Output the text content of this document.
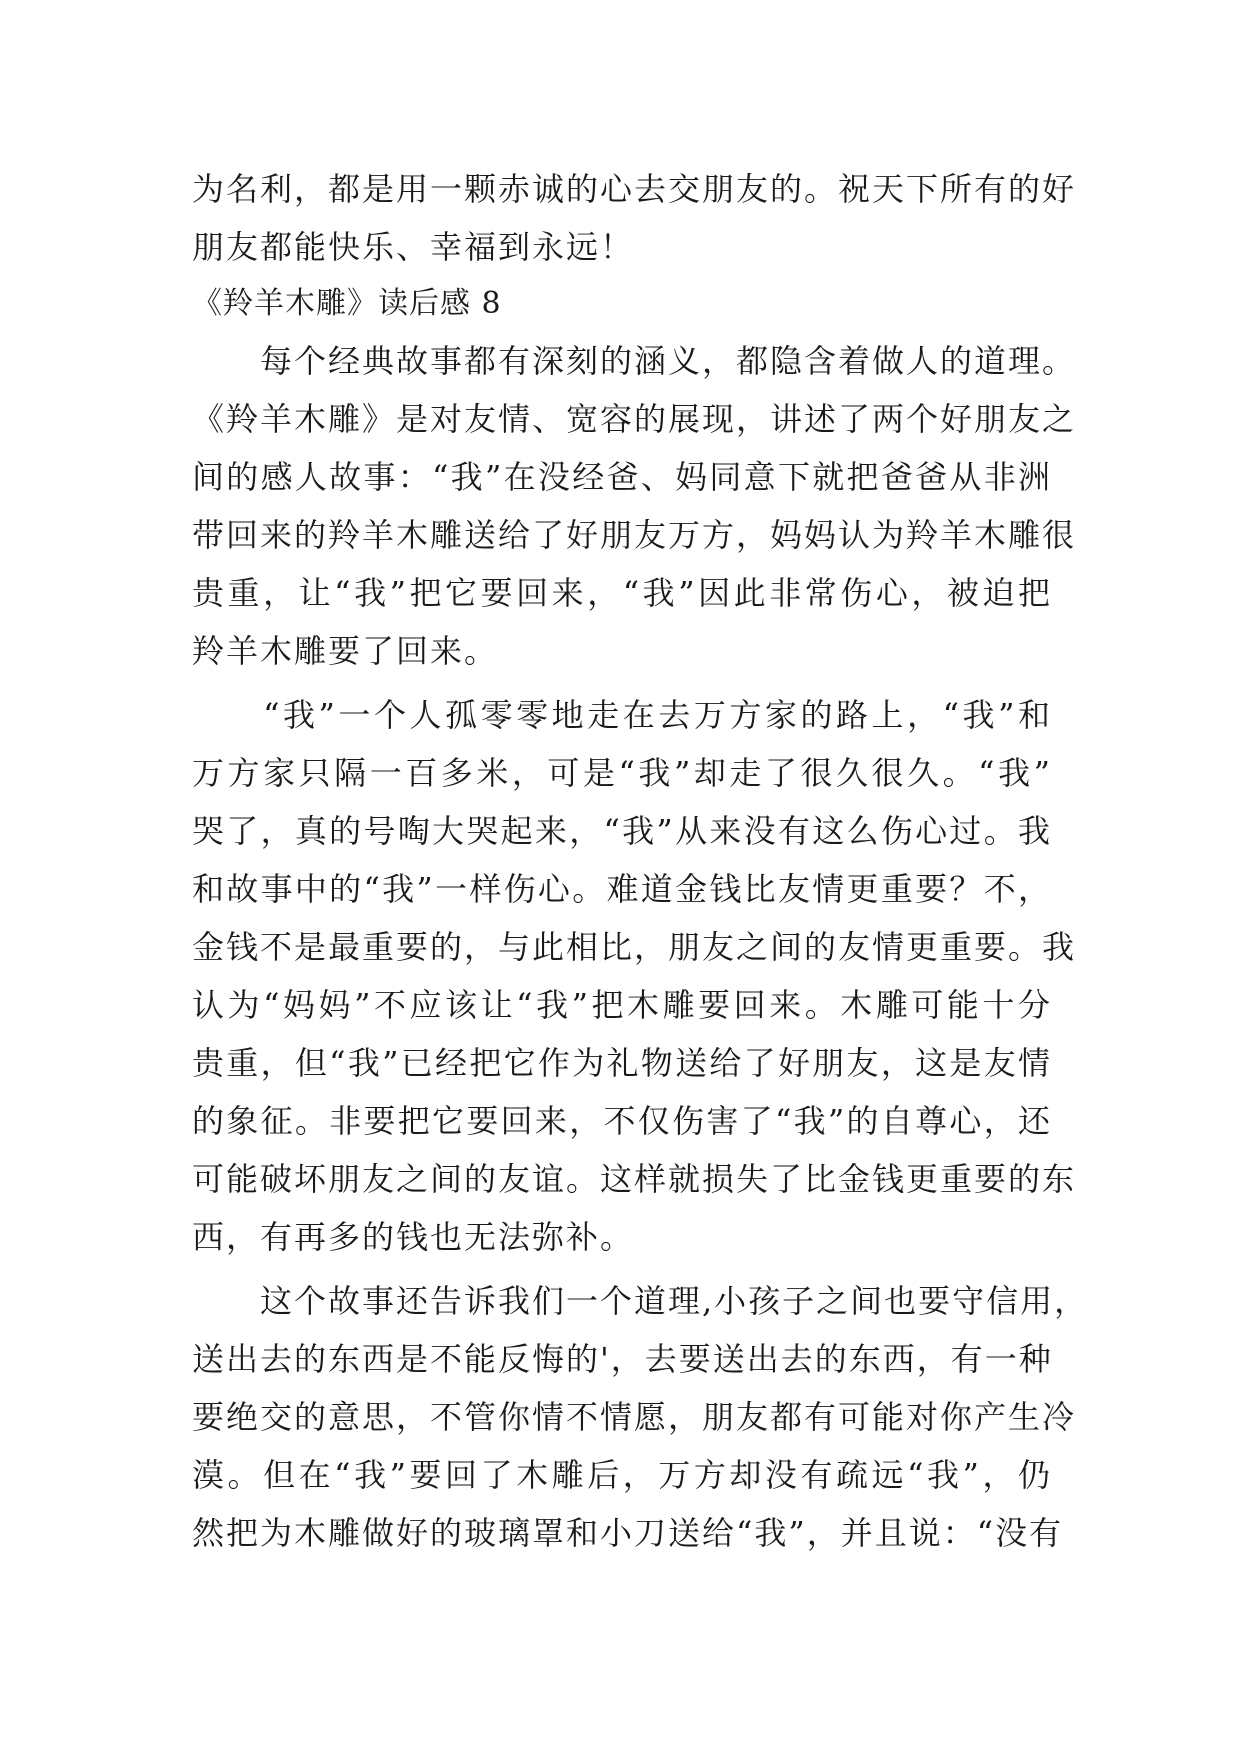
为名利，都是用一颗赤诚的心去交朋友的。祝天下所有的好
朋友都能快乐、幸福到永远！
《羚羊木雕》读后感 8
　　每个经典故事都有深刻的涵义，都隐含着做人的道理。
《羚羊木雕》是对友情、宽容的展现，讲述了两个好朋友之
间的感人故事：“我”在没经爸、妈同意下就把爸爸从非洲
带回来的羚羊木雕送给了好朋友万方，妈妈认为羚羊木雕很
贵重，让“我”把它要回来，“我”因此非常伤心，被迫把
羚羊木雕要了回来。
　　“我”一个人孤零零地走在去万方家的路上，“我”和
万方家只隔一百多米，可是“我”却走了很久很久。“我”
哭了，真的号啕大哭起来，“我”从来没有这么伤心过。我
和故事中的“我”一样伤心。难道金钱比友情更重要？不，
金钱不是最重要的，与此相比，朋友之间的友情更重要。我
认为“妈妈”不应该让“我”把木雕要回来。木雕可能十分
贵重，但“我”已经把它作为礼物送给了好朋友，这是友情
的象征。非要把它要回来，不仅伤害了“我”的自尊心，还
可能破坏朋友之间的友谊。这样就损失了比金钱更重要的东
西，有再多的钱也无法弥补。
　　这个故事还告诉我们一个道理,小孩子之间也要守信用，
送出去的东西是不能反悔的'，去要送出去的东西，有一种
要绝交的意思，不管你情不情愿，朋友都有可能对你产生冷
漠。但在“我”要回了木雕后，万方却没有疏远“我”，仍
然把为木雕做好的玻璃罩和小刀送给“我”，并且说：“没有
